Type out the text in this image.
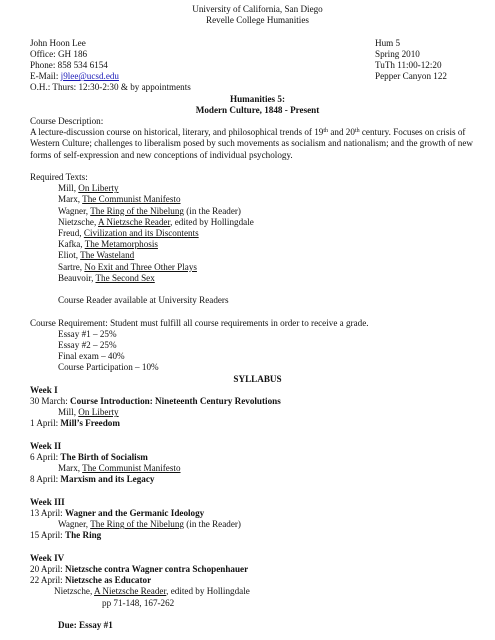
University of California, San Diego
Revelle College Humanities
John Hoon Lee	Hum 5
Office: GH 186	Spring 2010
Phone: 858 534 6154	TuTh 11:00-12:20
E-Mail: j9lee@ucsd.edu	Pepper Canyon 122
O.H.: Thurs: 12:30-2:30 & by appointments
Humanities 5:
Modern Culture, 1848 - Present
Course Description:
A lecture-discussion course on historical, literary, and philosophical trends of 19th and 20th century. Focuses on crisis of Western Culture; challenges to liberalism posed by such movements as socialism and nationalism; and the growth of new forms of self-expression and new conceptions of individual psychology.
Required Texts:
Mill, On Liberty
Marx, The Communist Manifesto
Wagner, The Ring of the Nibelung (in the Reader)
Nietzsche, A Nietzsche Reader, edited by Hollingdale
Freud, Civilization and its Discontents
Kafka, The Metamorphosis
Eliot, The Wasteland
Sartre, No Exit and Three Other Plays
Beauvoir, The Second Sex
Course Reader available at University Readers
Course Requirement: Student must fulfill all course requirements in order to receive a grade.
Essay #1 – 25%
Essay #2 – 25%
Final exam – 40%
Course Participation – 10%
SYLLABUS
Week I
30 March: Course Introduction: Nineteenth Century Revolutions
Mill, On Liberty
1 April: Mill’s Freedom
Week II
6 April: The Birth of Socialism
Marx, The Communist Manifesto
8 April: Marxism and its Legacy
Week III
13 April: Wagner and the Germanic Ideology
Wagner, The Ring of the Nibelung (in the Reader)
15 April: The Ring
Week IV
20 April: Nietzsche contra Wagner contra Schopenhauer
22 April: Nietzsche as Educator
Nietzsche, A Nietzsche Reader, edited by Hollingdale
pp 71-148, 167-262
Due: Essay #1
